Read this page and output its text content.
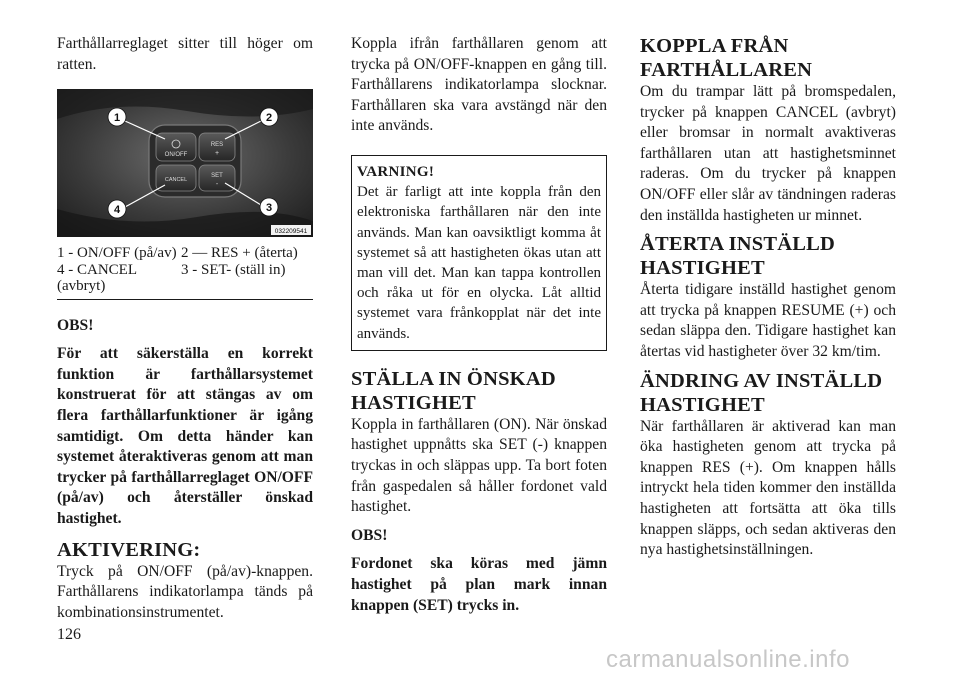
Farthållarreglaget sitter till höger om ratten.

ON/OFF
RES
+
CANCEL
SET
-
1	2
3
4
032209541
1 - ON/OFF (på/av) 2 — RES + (återta)
4 - CANCEL (avbryt)
3 - SET- (ställ in)

OBS!

För att säkerställa en korrekt funktion är farthållarsystemet konstruerat för att stängas av om flera farthållarfunktioner är igång samtidigt. Om detta händer kan systemet återaktiveras genom att man trycker på farthållarreglaget ON/OFF (på/av) och återställer önskad hastighet.

AKTIVERING:

Tryck på ON/OFF (på/av)-knappen. Farthållarens indikatorlampa tänds på kombinationsinstrumentet.

Koppla ifrån farthållaren genom att trycka på ON/OFF-knappen en gång till. Farthållarens indikatorlampa slocknar. Farthållaren ska vara avstängd när den inte används.

VARNING!

Det är farligt att inte koppla från den elektroniska farthållaren när den inte används. Man kan oavsiktligt komma åt systemet så att hastigheten ökas utan att man vill det. Man kan tappa kontrollen och råka ut för en olycka. Låt alltid systemet vara frånkopplat när det inte används.

STÄLLA IN ÖNSKAD HASTIGHET

Koppla in farthållaren (ON). När önskad hastighet uppnåtts ska SET (-) knappen tryckas in och släppas upp. Ta bort foten från gaspedalen så håller fordonet vald hastighet.

OBS!

Fordonet ska köras med jämn hastighet på plan mark innan knappen (SET) trycks in.

KOPPLA FRÅN FARTHÅLLAREN

Om du trampar lätt på bromspedalen, trycker på knappen CANCEL (avbryt) eller bromsar in normalt avaktiveras farthållaren utan att hastighetsminnet raderas. Om du trycker på knappen ON/OFF eller slår av tändningen raderas den inställda hastigheten ur minnet.

ÅTERTA INSTÄLLD HASTIGHET

Återta tidigare inställd hastighet genom att trycka på knappen RESUME (+) och sedan släppa den. Tidigare hastighet kan återtas vid hastigheter över 32 km/tim.

ÄNDRING AV INSTÄLLD HASTIGHET

När farthållaren är aktiverad kan man öka hastigheten genom att trycka på knappen RES (+). Om knappen hålls intryckt hela tiden kommer den inställda hastigheten att fortsätta att öka tills knappen släpps, och sedan aktiveras den nya hastighetsinställningen.

126
carmanualsonline.info
